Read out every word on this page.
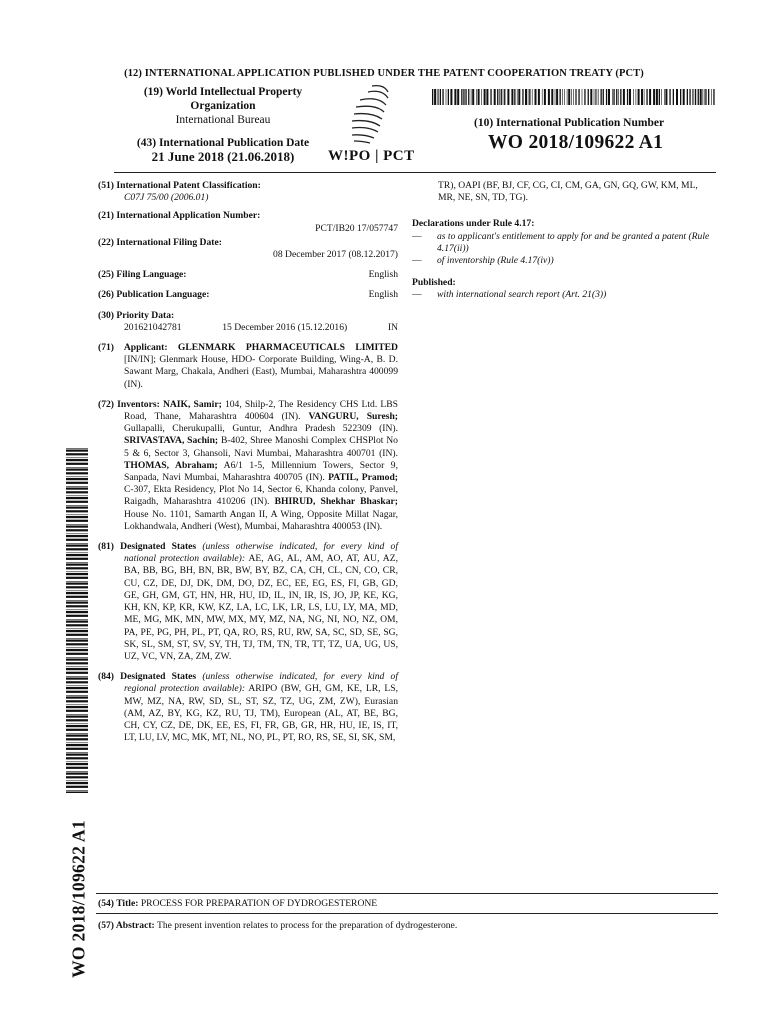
(12) INTERNATIONAL APPLICATION PUBLISHED UNDER THE PATENT COOPERATION TREATY (PCT)
(19) World Intellectual Property
Organization
International Bureau
(43) International Publication Date
21 June 2018 (21.06.2018)	W!PO | PCT
(10) International Publication Number
WO 2018/109622 A1
(51) International Patent Classification:
C07J 75/00 (2006.01)
(21) International Application Number:
PCT/IB20 17/057747
(22) International Filing Date:
08 December 2017 (08.12.2017)
(25) Filing Language:	English
(26) Publication Language:	English
(30) Priority Data:
201621042781	15 December 2016 (15.12.2016)	IN
(71) Applicant: GLENMARK PHARMACEUTICALS LIMITED [IN/IN]; Glenmark House, HDO- Corporate Building, Wing-A, B. D. Sawant Marg, Chakala, Andheri (East), Mumbai, Maharashtra 400099 (IN).
(72) Inventors: NAIK, Samir; 104, Shilp-2, The Residency CHS Ltd. LBS Road, Thane, Maharashtra 400604 (IN). VANGURU, Suresh; Gullapalli, Cherukupalli, Guntur, Andhra Pradesh 522309 (IN). SRIVASTAVA, Sachin; B-402, Shree Manoshi Complex CHSPlot No 5 & 6, Sector 3, Ghansoli, Navi Mumbai, Maharashtra 400701 (IN). THOMAS, Abraham; A6/1 1-5, Millennium Towers, Sector 9, Sanpada, Navi Mumbai, Maharashtra 400705 (IN). PATIL, Pramod; C-307, Ekta Residency, Plot No 14, Sector 6, Khanda colony, Panvel, Raigadh, Maharashtra 410206 (IN). BHIRUD, Shekhar Bhaskar; House No. 1101, Samarth Angan II, A Wing, Opposite Millat Nagar, Lokhandwala, Andheri (West), Mumbai, Maharashtra 400053 (IN).
(81) Designated States (unless otherwise indicated, for every kind of national protection available): AE, AG, AL, AM, AO, AT, AU, AZ, BA, BB, BG, BH, BN, BR, BW, BY, BZ, CA, CH, CL, CN, CO, CR, CU, CZ, DE, DJ, DK, DM, DO, DZ, EC, EE, EG, ES, FI, GB, GD, GE, GH, GM, GT, HN, HR, HU, ID, IL, IN, IR, IS, JO, JP, KE, KG, KH, KN, KP, KR, KW, KZ, LA, LC, LK, LR, LS, LU, LY, MA, MD, ME, MG, MK, MN, MW, MX, MY, MZ, NA, NG, NI, NO, NZ, OM, PA, PE, PG, PH, PL, PT, QA, RO, RS, RU, RW, SA, SC, SD, SE, SG, SK, SL, SM, ST, SV, SY, TH, TJ, TM, TN, TR, TT, TZ, UA, UG, US, UZ, VC, VN, ZA, ZM, ZW.
(84) Designated States (unless otherwise indicated, for every kind of regional protection available): ARIPO (BW, GH, GM, KE, LR, LS, MW, MZ, NA, RW, SD, SL, ST, SZ, TZ, UG, ZM, ZW), Eurasian (AM, AZ, BY, KG, KZ, RU, TJ, TM), European (AL, AT, BE, BG, CH, CY, CZ, DE, DK, EE, ES, FI, FR, GB, GR, HR, HU, IE, IS, IT, LT, LU, LV, MC, MK, MT, NL, NO, PL, PT, RO, RS, SE, SI, SK, SM,
TR), OAPI (BF, BJ, CF, CG, CI, CM, GA, GN, GQ, GW, KM, ML, MR, NE, SN, TD, TG).
Declarations under Rule 4.17:
—	as to applicant's entitlement to apply for and be granted a patent (Rule 4.17(ii))
—	of inventorship (Rule 4.17(iv))
Published:
—	with international search report (Art. 21(3))
WO 2018/109622 A1 (54) Title: PROCESS FOR PREPARATION OF DYDROGESTERONE
(57) Abstract: The present invention relates to process for the preparation of dydrogesterone.
